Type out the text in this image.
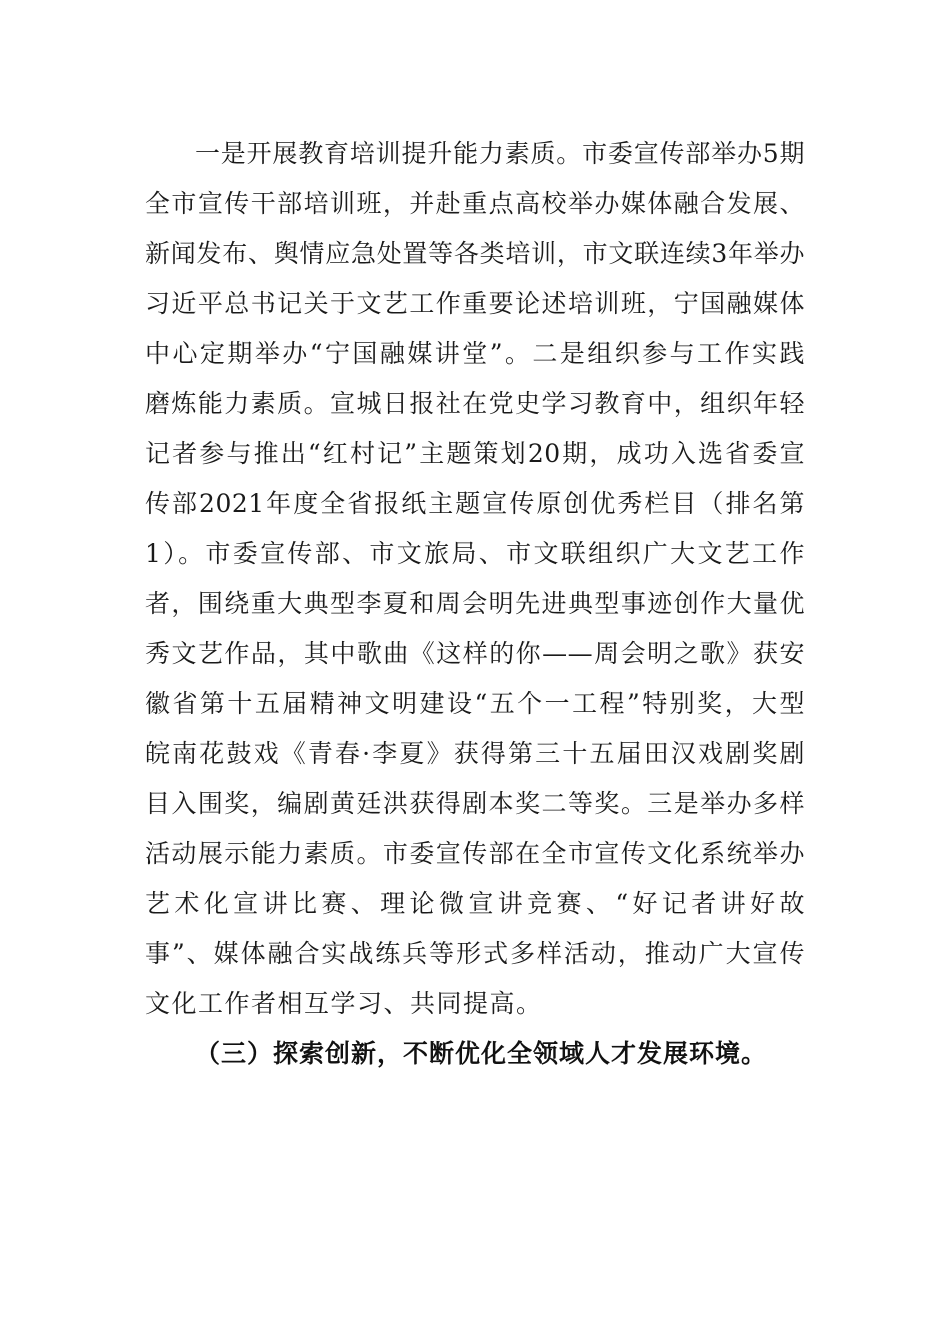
一是开展教育培训提升能力素质。市委宣传部举办5期
全市宣传干部培训班，并赴重点高校举办媒体融合发展、
新闻发布、舆情应急处置等各类培训，市文联连续3年举办
习近平总书记关于文艺工作重要论述培训班，宁国融媒体
中心定期举办“宁国融媒讲堂”。二是组织参与工作实践
磨炼能力素质。宣城日报社在党史学习教育中，组织年轻
记者参与推出“红村记”主题策划20期，成功入选省委宣
传部2021年度全省报纸主题宣传原创优秀栏目（排名第
1）。市委宣传部、市文旅局、市文联组织广大文艺工作
者，围绕重大典型李夏和周会明先进典型事迹创作大量优
秀文艺作品，其中歌曲《这样的你——周会明之歌》获安
徽省第十五届精神文明建设“五个一工程”特别奖，大型
皖南花鼓戏《青春·李夏》获得第三十五届田汉戏剧奖剧
目入围奖，编剧黄廷洪获得剧本奖二等奖。三是举办多样
活动展示能力素质。市委宣传部在全市宣传文化系统举办
艺术化宣讲比赛、理论微宣讲竞赛、“好记者讲好故
事”、媒体融合实战练兵等形式多样活动，推动广大宣传
文化工作者相互学习、共同提高。
（三）探索创新，不断优化全领域人才发展环境。
